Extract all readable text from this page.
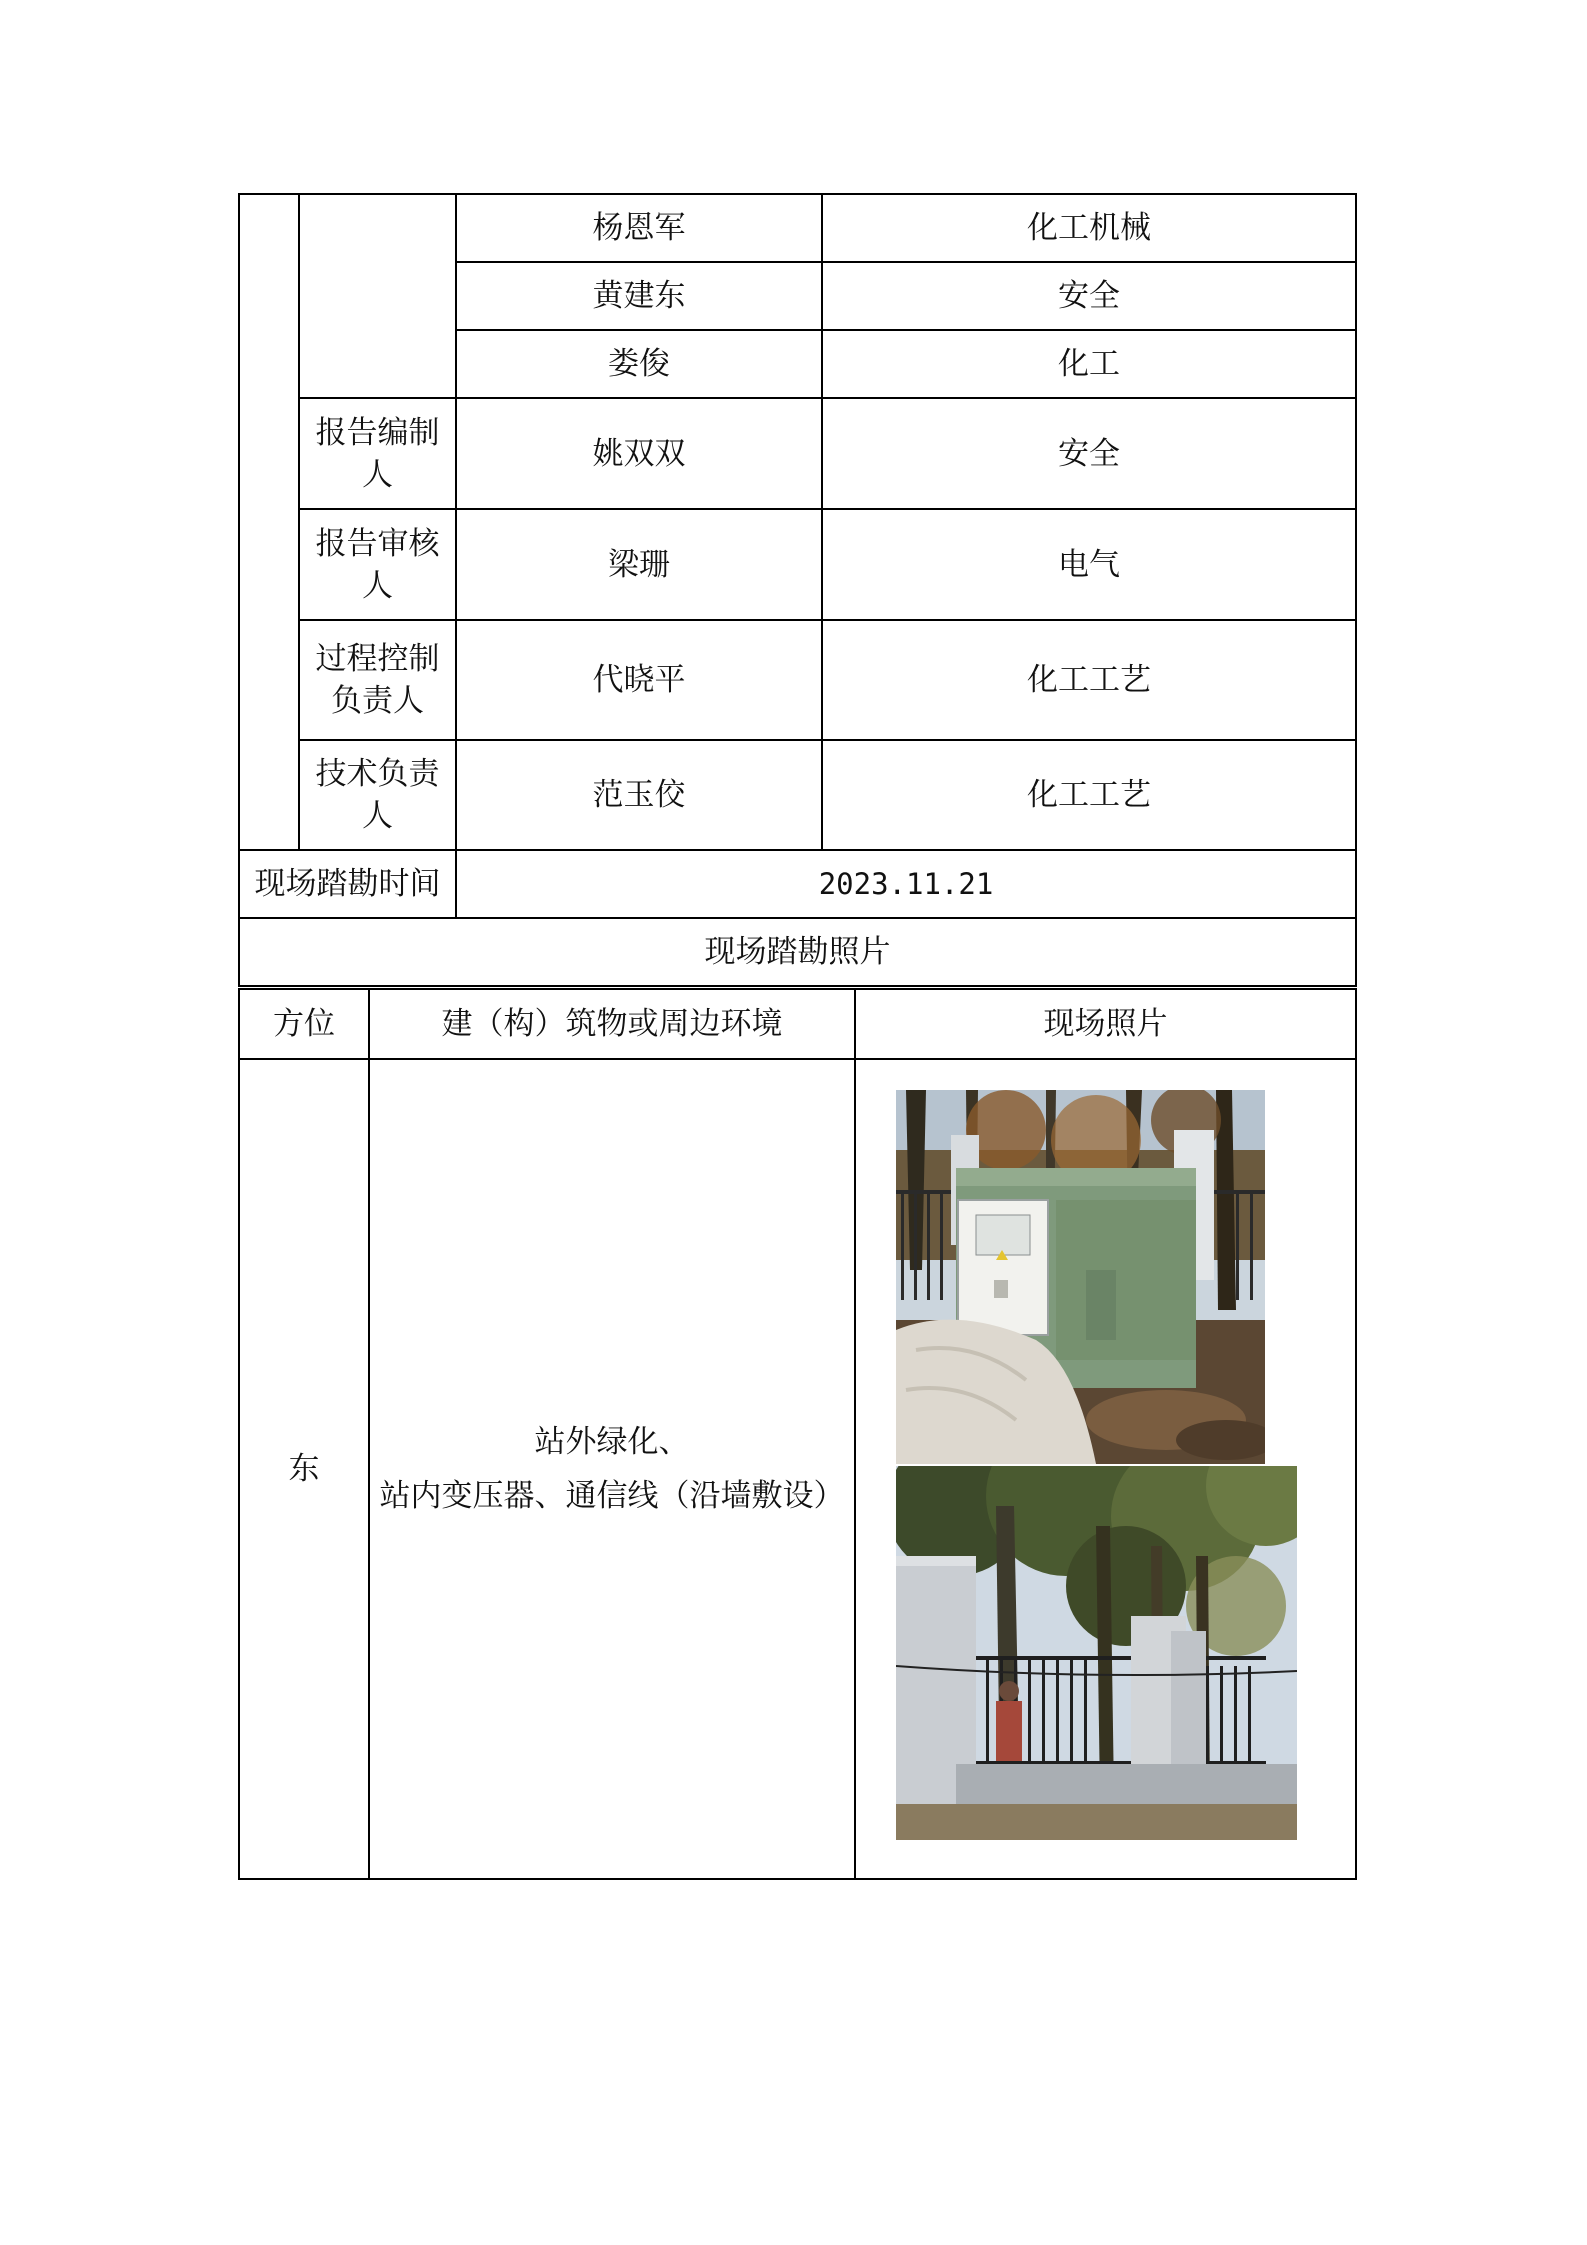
		杨恩军	化工机械
		黄建东	安全
		娄俊	化工
	报告编制人	姚双双	安全
	报告审核人	梁珊	电气
	过程控制负责人	代晓平	化工工艺
	技术负责人	范玉佼	化工工艺
现场踏勘时间		2023.11.21	
现场踏勘照片			
方位	建（构）筑物或周边环境	现场照片
东	站外绿化、
站内变压器、通信线（沿墙敷设）
